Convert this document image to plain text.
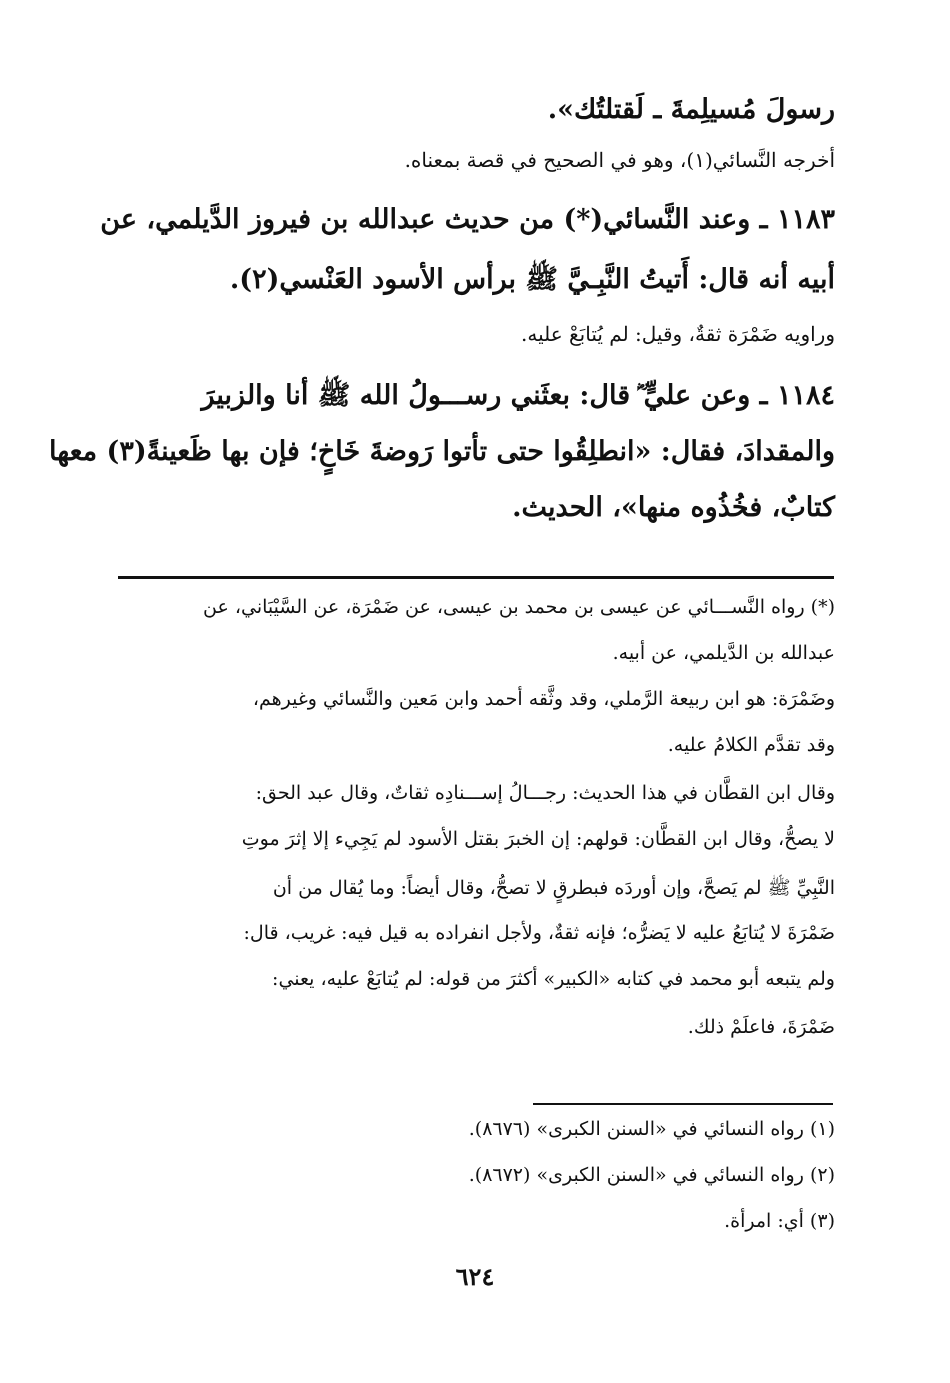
رسولَ مُسيلِمةَ ـ لَقتلتُك».
أخرجه النَّسائي(١)، وهو في الصحيح في قصة بمعناه.
١١٨٣ ـ وعند النَّسائي(*) من حديث عبدالله بن فيروز الدَّيلمي، عن
أبيه أنه قال: أَتيتُ النَّبِـيَّ ﷺ برأس الأسود العَنْسي(٢).
وراويه ضَمْرَة ثقةٌ، وقيل: لم يُتابَعْ عليه.
١١٨٤ ـ وعن عليٍّ ؓ قال: بعثَني رســـولُ الله ﷺ أنا والزبيرَ
والمقدادَ، فقال: «انطلِقُوا حتى تأتوا رَوضةَ خَاخٍ؛ فإن بها ظَعينةً(٣) معها
كتابٌ، فخُذُوه منها»، الحديث.
(*) رواه النَّســـائي عن عيسى بن محمد بن عيسى، عن ضَمْرَة، عن السَّيْبَاني، عن
عبدالله بن الدَّيلمي، عن أبيه.
وضَمْرَة: هو ابن ربيعة الرَّملي، وقد وثَّقه أحمد وابن مَعين والنَّسائي وغيرهم،
وقد تقدَّم الكلامُ عليه.
وقال ابن القطَّان في هذا الحديث: رجـــالُ إســـنادِه ثقاتٌ، وقال عبد الحق:
لا يصحُّ، وقال ابن القطَّان: قولهم: إن الخبرَ بقتل الأسود لم يَجِيء إلا إثرَ موتِ
النَّبِيِّ ﷺ لم يَصحَّ، وإن أوردَه فبطرقٍ لا تصحُّ، وقال أيضاً: وما يُقال من أن
ضَمْرَةَ لا يُتابَعُ عليه لا يَضرُّه؛ فإنه ثقةٌ، ولأجل انفراده به قيل فيه: غريب، قال:
ولم يتبعه أبو محمد في كتابه «الكبير» أكثرَ من قوله: لم يُتابَعْ عليه، يعني:
ضَمْرَةَ، فاعلَمْ ذلك.
(١) رواه النسائي في «السنن الكبرى» (٨٦٧٦).
(٢) رواه النسائي في «السنن الكبرى» (٨٦٧٢).
(٣) أي: امرأة.
٦٢٤
